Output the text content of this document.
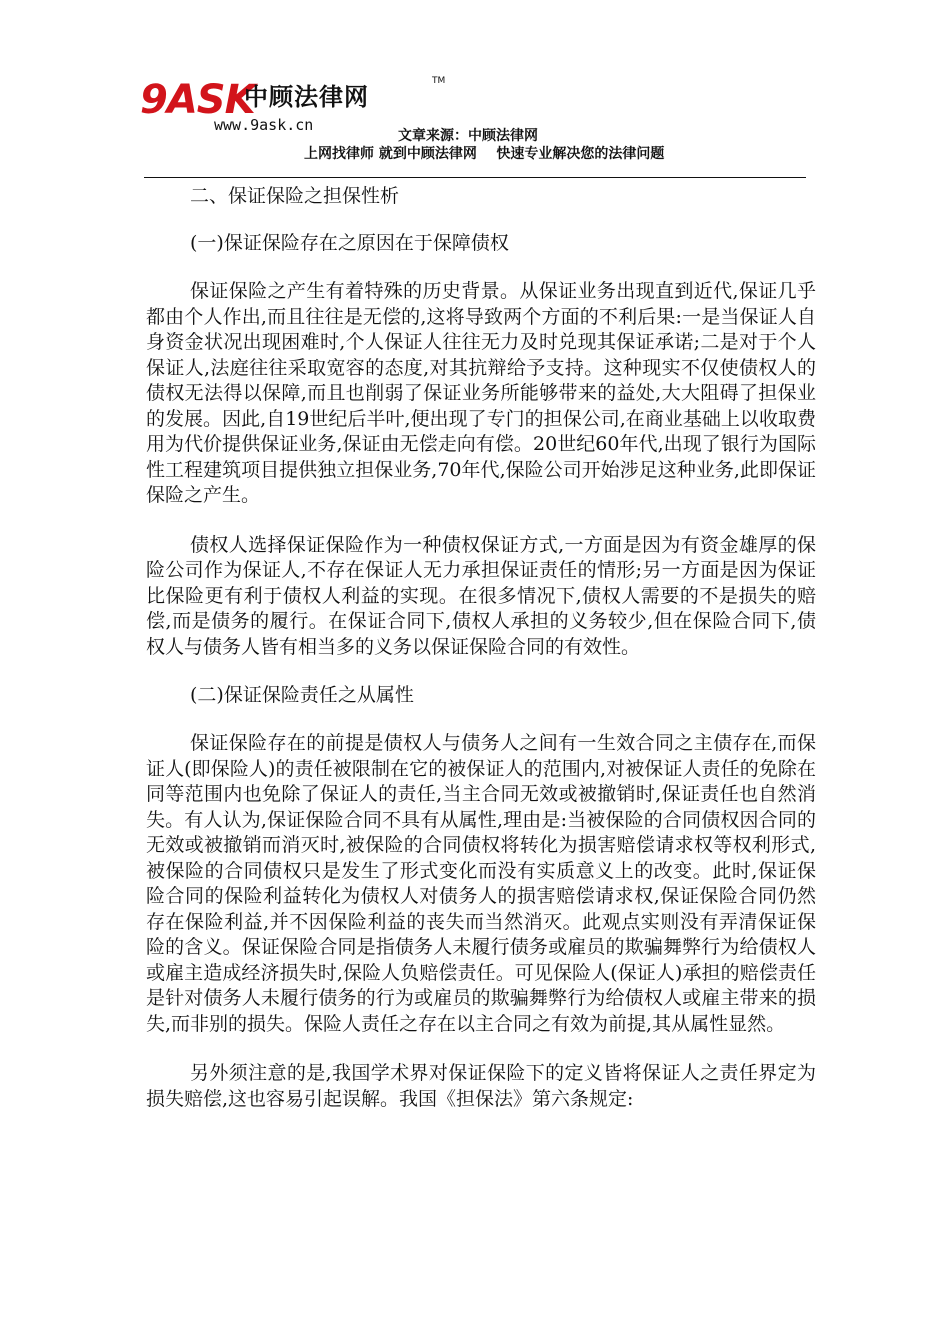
9ASK
中顾法律网
TM
www.9ask.cn
文章来源：中顾法律网
上网找律师 就到中顾法律网    快速专业解决您的法律问题

二、保证保险之担保性析

(一)保证保险存在之原因在于保障债权

保证保险之产生有着特殊的历史背景。从保证业务出现直到近代,保证几乎都由个人作出,而且往往是无偿的,这将导致两个方面的不利后果:一是当保证人自身资金状况出现困难时,个人保证人往往无力及时兑现其保证承诺;二是对于个人保证人,法庭往往采取宽容的态度,对其抗辩给予支持。这种现实不仅使债权人的债权无法得以保障,而且也削弱了保证业务所能够带来的益处,大大阻碍了担保业的发展。因此,自19世纪后半叶,便出现了专门的担保公司,在商业基础上以收取费用为代价提供保证业务,保证由无偿走向有偿。20世纪60年代,出现了银行为国际性工程建筑项目提供独立担保业务,70年代,保险公司开始涉足这种业务,此即保证保险之产生。

债权人选择保证保险作为一种债权保证方式,一方面是因为有资金雄厚的保险公司作为保证人,不存在保证人无力承担保证责任的情形;另一方面是因为保证比保险更有利于债权人利益的实现。在很多情况下,债权人需要的不是损失的赔偿,而是债务的履行。在保证合同下,债权人承担的义务较少,但在保险合同下,债权人与债务人皆有相当多的义务以保证保险合同的有效性。

(二)保证保险责任之从属性

保证保险存在的前提是债权人与债务人之间有一生效合同之主债存在,而保证人(即保险人)的责任被限制在它的被保证人的范围内,对被保证人责任的免除在同等范围内也免除了保证人的责任,当主合同无效或被撤销时,保证责任也自然消失。有人认为,保证保险合同不具有从属性,理由是:当被保险的合同债权因合同的无效或被撤销而消灭时,被保险的合同债权将转化为损害赔偿请求权等权利形式,被保险的合同债权只是发生了形式变化而没有实质意义上的改变。此时,保证保险合同的保险利益转化为债权人对债务人的损害赔偿请求权,保证保险合同仍然存在保险利益,并不因保险利益的丧失而当然消灭。此观点实则没有弄清保证保险的含义。保证保险合同是指债务人未履行债务或雇员的欺骗舞弊行为给债权人或雇主造成经济损失时,保险人负赔偿责任。可见保险人(保证人)承担的赔偿责任是针对债务人未履行债务的行为或雇员的欺骗舞弊行为给债权人或雇主带来的损失,而非别的损失。保险人责任之存在以主合同之有效为前提,其从属性显然。

另外须注意的是,我国学术界对保证保险下的定义皆将保证人之责任界定为损失赔偿,这也容易引起误解。我国《担保法》第六条规定:
